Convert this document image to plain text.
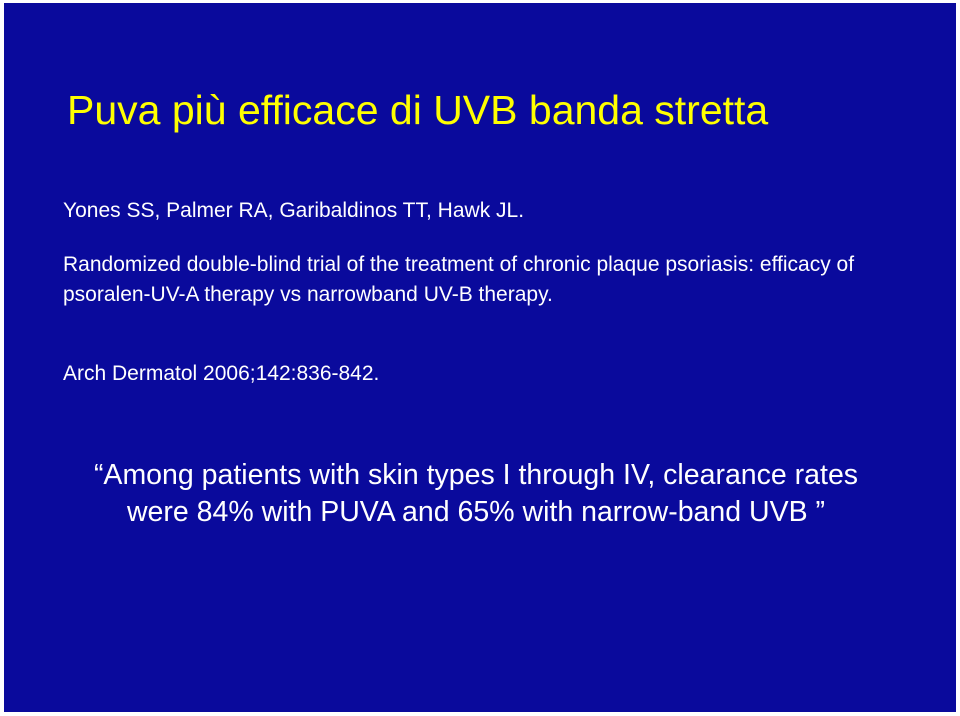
Puva più efficace di UVB banda stretta

Yones SS, Palmer RA, Garibaldinos TT, Hawk JL.

Randomized double-blind trial of the treatment of chronic plaque psoriasis: efficacy of psoralen-UV-A therapy vs narrowband UV-B therapy.

Arch Dermatol 2006;142:836-842.

“Among patients with skin types I through IV, clearance rates were 84% with PUVA and 65% with narrow-band UVB ”
